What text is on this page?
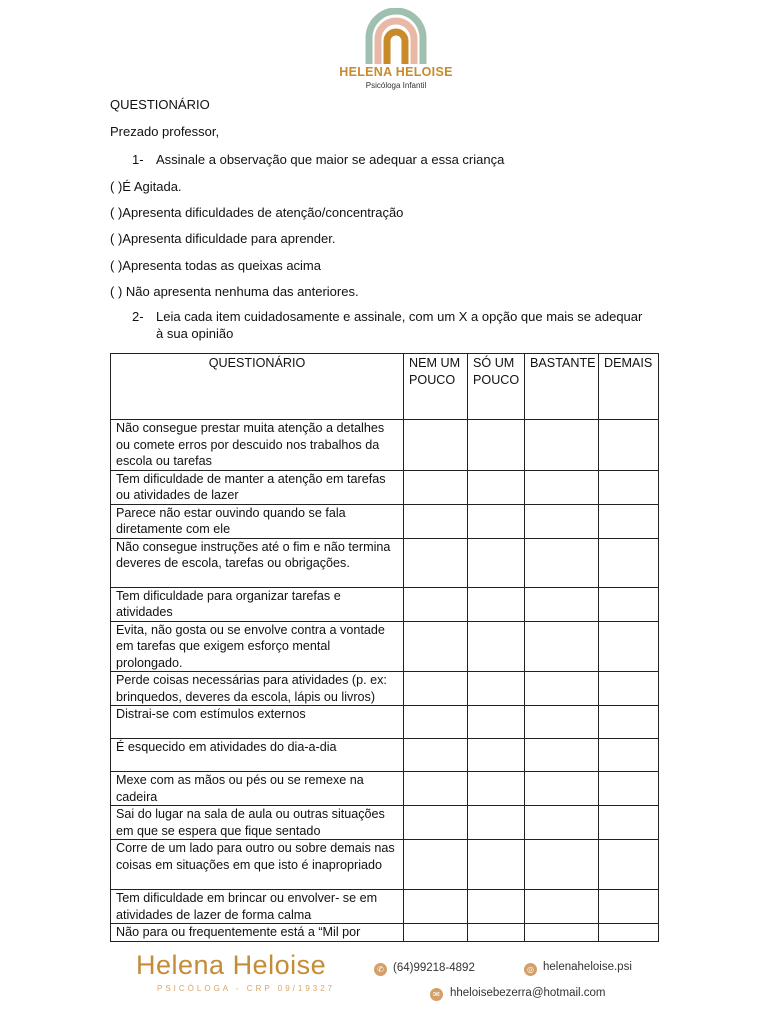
HELENA HELOISE
Psicóloga Infantil
QUESTIONÁRIO
Prezado professor,
1- Assinale a observação que maior se adequar a essa criança
( )É Agitada.
( )Apresenta dificuldades de atenção/concentração
( )Apresenta dificuldade para aprender.
( )Apresenta todas as queixas acima
( ) Não apresenta nenhuma das anteriores.
2- Leia cada item cuidadosamente e assinale, com um X a opção que mais se adequar à sua opinião
QUESTIONÁRIO	NEM UM POUCO	SÓ UM POUCO	BASTANTE	DEMAIS
Não consegue prestar muita atenção a detalhes ou comete erros por descuido nos trabalhos da escola ou tarefas				
Tem dificuldade de manter a atenção em tarefas ou atividades de lazer				
Parece não estar ouvindo quando se fala diretamente com ele				
Não consegue instruções até o fim e não termina deveres de escola, tarefas ou obrigações.				
Tem dificuldade para organizar tarefas e atividades				
Evita, não gosta ou se envolve contra a vontade em tarefas que exigem esforço mental prolongado.				
Perde coisas necessárias para atividades (p. ex: brinquedos, deveres da escola, lápis ou livros)				
Distrai-se com estímulos externos				
É esquecido em atividades do dia-a-dia				
Mexe com as mãos ou pés ou se remexe na cadeira				
Sai do lugar na sala de aula ou outras situações em que se espera que fique sentado				
Corre de um lado para outro ou sobre demais nas coisas em situações em que isto é inapropriado				
Tem dificuldade em brincar ou envolver- se em atividades de lazer de forma calma				
Não para ou frequentemente está a “Mil por				
Helena Heloise
PSICÓLOGA - CRP 09/19327
✆ (64)99218-4892	◎ helenaheloise.psi
✉ hheloisebezerra@hotmail.com
